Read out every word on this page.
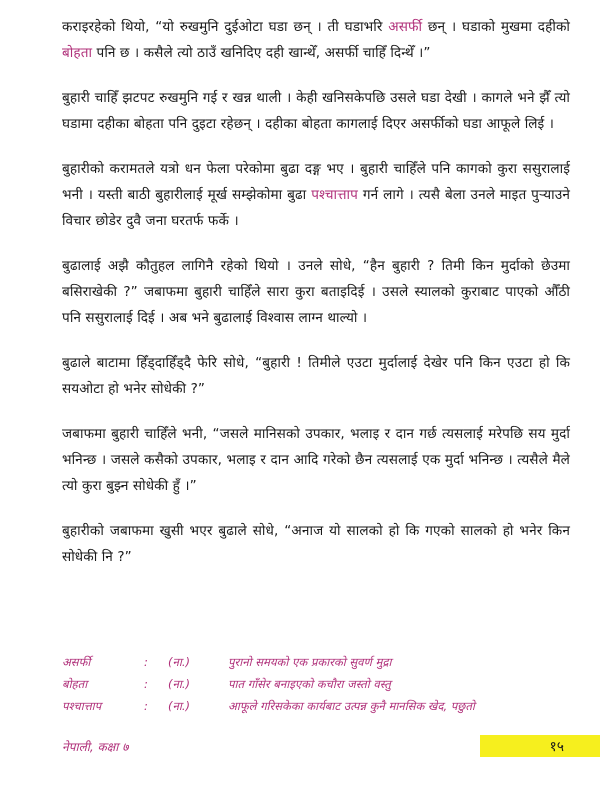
कराइरहेको थियो, “यो रुखमुनि दुईओटा घडा छन् । ती घडाभरि असर्फी छन् । घडाको मुखमा दहीको बोहता पनि छ । कसैले त्यो ठाउँ खनिदिए दही खान्थेँ, असर्फी चाहिँ दिन्थेँ ।”

बुहारी चाहिँ झटपट रुखमुनि गई र खन्न थाली । केही खनिसकेपछि उसले घडा देखी । कागले भने झैँ त्यो घडामा दहीका बोहता पनि दुइटा रहेछन् । दहीका बोहता कागलाई दिएर असर्फीको घडा आफूले लिई ।

बुहारीको करामतले यत्रो धन फेला परेकोमा बुढा दङ्ग भए । बुहारी चाहिँले पनि कागको कुरा ससुरालाई भनी । यस्ती बाठी बुहारीलाई मूर्ख सम्झेकोमा बुढा पश्चात्ताप गर्न लागे । त्यसै बेला उनले माइत पुऱ्याउने विचार छोडेर दुवै जना घरतर्फ फर्के ।

बुढालाई अझै कौतुहल लागिनै रहेको थियो । उनले सोधे, “हैन बुहारी ? तिमी किन मुर्दाको छेउमा बसिराखेकी ?” जबाफमा बुहारी चाहिँले सारा कुरा बताइदिई । उसले स्यालको कुराबाट पाएको औँठी पनि ससुरालाई दिई । अब भने बुढालाई विश्वास लाग्न थाल्यो ।

बुढाले बाटामा हिँड्दाहिँड्दै फेरि सोधे, “बुहारी ! तिमीले एउटा मुर्दालाई देखेर पनि किन एउटा हो कि सयओटा हो भनेर सोधेकी ?”

जबाफमा बुहारी चाहिँले भनी, “जसले मानिसको उपकार, भलाइ र दान गर्छ त्यसलाई मरेपछि सय मुर्दा भनिन्छ । जसले कसैको उपकार, भलाइ र दान आदि गरेको छैन त्यसलाई एक मुर्दा भनिन्छ । त्यसैले मैले त्यो कुरा बुझ्न सोधेकी हुँ ।”

बुहारीको जबाफमा खुसी भएर बुढाले सोधे, “अनाज यो सालको हो कि गएको सालको हो भनेर किन सोधेकी नि ?”

असर्फी	:	(ना.)	पुरानो समयको एक प्रकारको सुवर्ण मुद्रा
बोहता	:	(ना.)	पात गाँसेर बनाइएको कचौरा जस्तो वस्तु
पश्चात्ताप	:	(ना.)	आफूले गरिसकेका कार्यबाट उत्पन्न कुनै मानसिक खेद, पछुतो
नेपाली, कक्षा ७	१५
